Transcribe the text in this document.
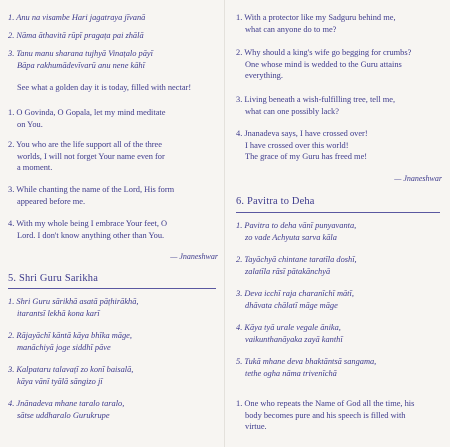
1. Anu na visambe Hari jagatraya jīvanā
2. Nāma āthavitā rūpī pragața pai zhālā
3. Tanu manu sharana tujhyā Vinațalo pāyī
Bāpa rakhumādevīvarū anu nene kāhī
See what a golden day it is today, filled with nectar!
1. O Govinda, O Gopala, let my mind meditate
on You.
2. You who are the life support all of the three
worlds, I will not forget Your name even for
a moment.
3. While chanting the name of the Lord, His form
appeared before me.
4. With my whole being I embrace Your feet, O
Lord. I don't know anything other than You.
— Jnaneshwar
5. Shri Guru Sarikha
1. Shri Guru sārikhā asatā pāțhirākhā,
itarantsī lekhā kona karī
2. Rājayāchī kāntā kāya bhīka māge,
manāchiyā joge siddhī pāve
3. Kalpataru talavațī zo konī baisalā,
kāya vānī tyālā sāngizo jī
4. Jnānadeva mhane taralo taralo,
sātse uddharalo Gurukrupe
1. With a protector like my Sadguru behind me,
what can anyone do to me?
2. Why should a king's wife go begging for crumbs?
One whose mind is wedded to the Guru attains
everything.
3. Living beneath a wish-fulfilling tree, tell me,
what can one possibly lack?
4. Jnanadeva says, I have crossed over!
I have crossed over this world!
The grace of my Guru has freed me!
— Jnaneshwar
6. Pavitra to Deha
1. Pavitra to deha vānī punyavanta,
zo vade Achyuta sarva kāla
2. Tayāchyā chintane taratīla doshī,
zalatīla rāsī pātakānchyā
3. Deva icchī raja charanīchī mātī,
dhāvata chālatī māge māge
4. Kāya tyā urale vegale ānika,
vaikunthanāyaka zayā kanthī
5. Tukā mhane deva bhaktāntsā sangama,
tethe ogha nāma trivenīchā
1. One who repeats the Name of God all the time, his
body becomes pure and his speech is filled with
virtue.
